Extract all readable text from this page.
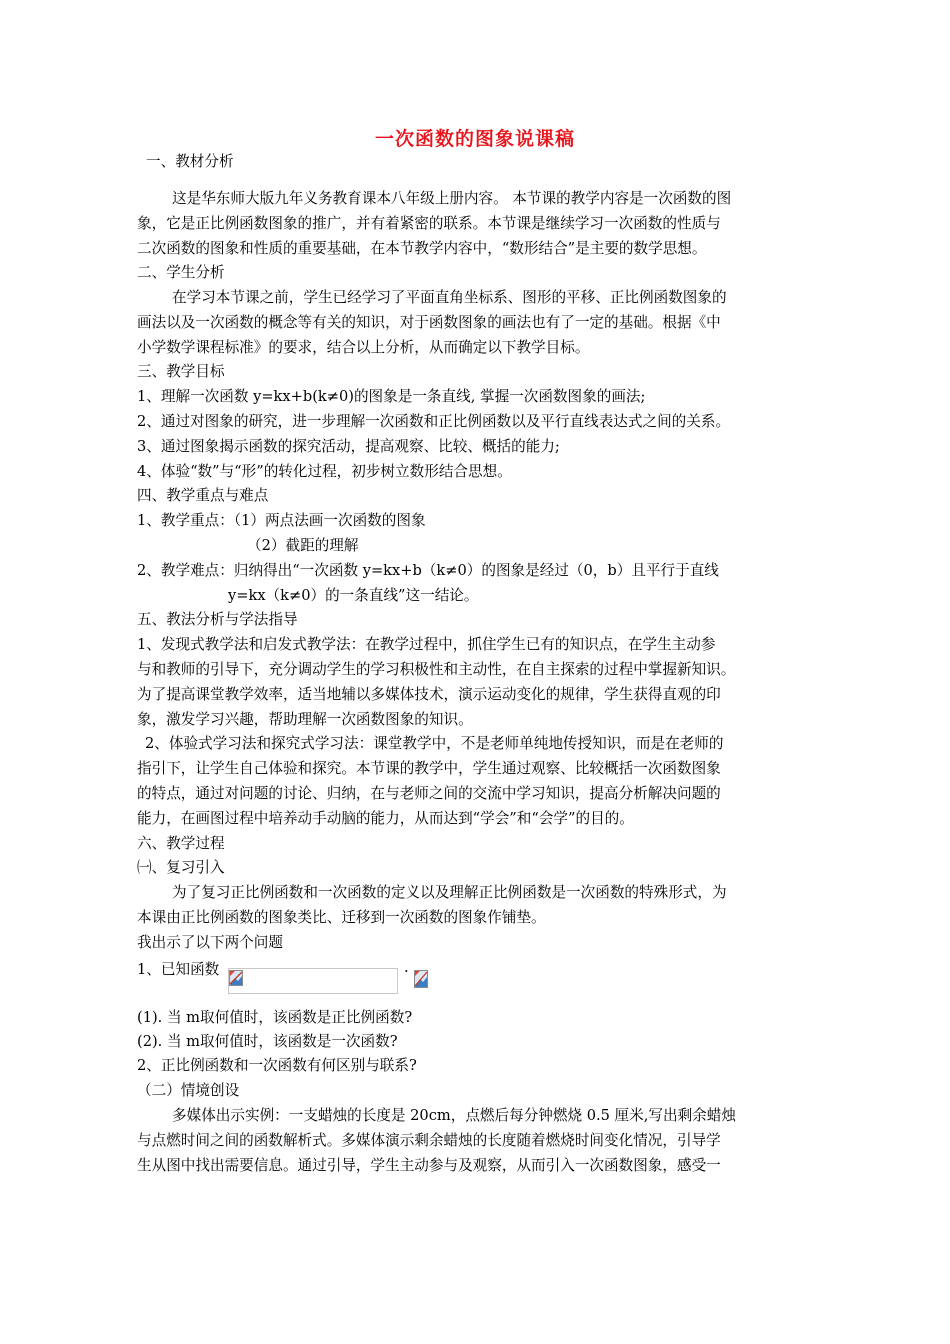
一次函数的图象说课稿
一、教材分析
这是华东师大版九年义务教育课本八年级上册内容。 本节课的教学内容是一次函数的图
象，它是正比例函数图象的推广，并有着紧密的联系。本节课是继续学习一次函数的性质与
二次函数的图象和性质的重要基础，在本节教学内容中，“数形结合”是主要的数学思想。
二、学生分析
在学习本节课之前，学生已经学习了平面直角坐标系、图形的平移、正比例函数图象的
画法以及一次函数的概念等有关的知识，对于函数图象的画法也有了一定的基础。根据《中
小学数学课程标准》的要求，结合以上分析，从而确定以下教学目标。
三、教学目标
1、理解一次函数 y=kx+b(k≠0)的图象是一条直线, 掌握一次函数图象的画法;
2、通过对图象的研究，进一步理解一次函数和正比例函数以及平行直线表达式之间的关系。
3、通过图象揭示函数的探究活动，提高观察、比较、概括的能力;
4、体验“数”与“形”的转化过程，初步树立数形结合思想。
四、教学重点与难点
1、教学重点：（1）两点法画一次函数的图象
（2）截距的理解
2、教学难点：归纳得出“一次函数 y=kx+b（k≠0）的图象是经过（0，b）且平行于直线
y=kx（k≠0）的一条直线”这一结论。
五、教法分析与学法指导
1、发现式教学法和启发式教学法：在教学过程中，抓住学生已有的知识点，在学生主动参
与和教师的引导下，充分调动学生的学习积极性和主动性，在自主探索的过程中掌握新知识。
为了提高课堂教学效率，适当地辅以多媒体技术，演示运动变化的规律，学生获得直观的印
象，激发学习兴趣，帮助理解一次函数图象的知识。
2、体验式学习法和探究式学习法：课堂教学中，不是老师单纯地传授知识，而是在老师的
指引下，让学生自己体验和探究。本节课的教学中，学生通过观察、比较概括一次函数图象
的特点，通过对问题的讨论、归纳，在与老师之间的交流中学习知识，提高分析解决问题的
能力，在画图过程中培养动手动脑的能力，从而达到“学会”和“会学”的目的。
六、教学过程
㈠、复习引入
为了复习正比例函数和一次函数的定义以及理解正比例函数是一次函数的特殊形式，为
本课由正比例函数的图象类比、迁移到一次函数的图象作铺垫。
我出示了以下两个问题
1、已知函数	·
(1). 当 m取何值时，该函数是正比例函数?
(2). 当 m取何值时，该函数是一次函数?
2、正比例函数和一次函数有何区别与联系?
（二）情境创设
多媒体出示实例：一支蜡烛的长度是 20cm，点燃后每分钟燃烧 0.5 厘米,写出剩余蜡烛
与点燃时间之间的函数解析式。多媒体演示剩余蜡烛的长度随着燃烧时间变化情况，引导学
生从图中找出需要信息。通过引导，学生主动参与及观察，从而引入一次函数图象，感受一
